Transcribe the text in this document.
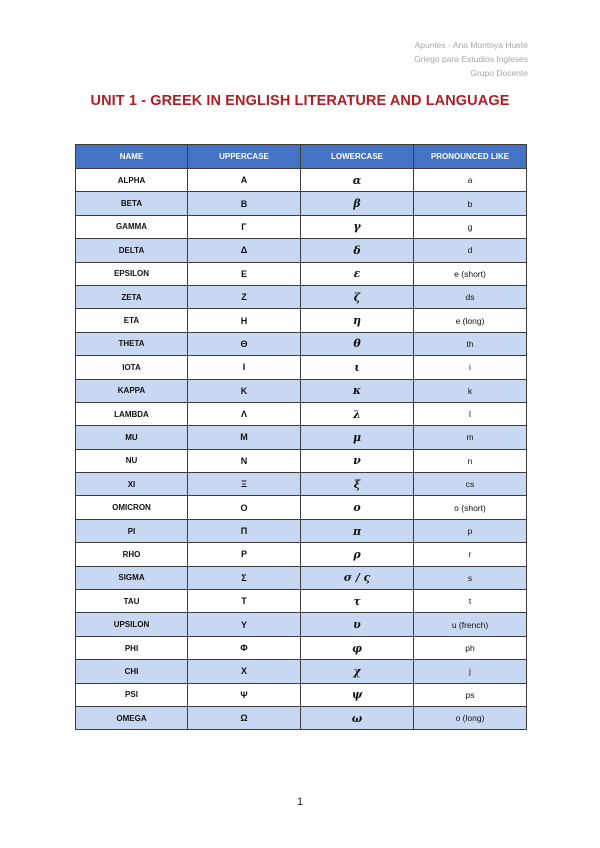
Apuntes - Ana Montoya Huete
Griego para Estudios Ingleses
Grupo Docente
UNIT 1 - GREEK IN ENGLISH LITERATURE AND LANGUAGE
NAME	UPPERCASE	LOWERCASE	PRONOUNCED LIKE
ALPHA	A	α	a
BETA	B	β	b
GAMMA	Γ	γ	g
DELTA	Δ	δ	d
EPSILON	E	ε	e (short)
ZETA	Z	ζ	ds
ETA	H	η	e (long)
THETA	Θ	θ	th
IOTA	I	ι	i
KAPPA	K	κ	k
LAMBDA	Λ	λ	l
MU	M	μ	m
NU	N	ν	n
XI	Ξ	ξ	cs
OMICRON	O	ο	o (short)
PI	Π	π	p
RHO	P	ρ	r
SIGMA	Σ	σ / ς	s
TAU	T	τ	t
UPSILON	Y	υ	u (french)
PHI	Φ	φ	ph
CHI	X	χ	j
PSI	Ψ	ψ	ps
OMEGA	Ω	ω	o (long)
1
